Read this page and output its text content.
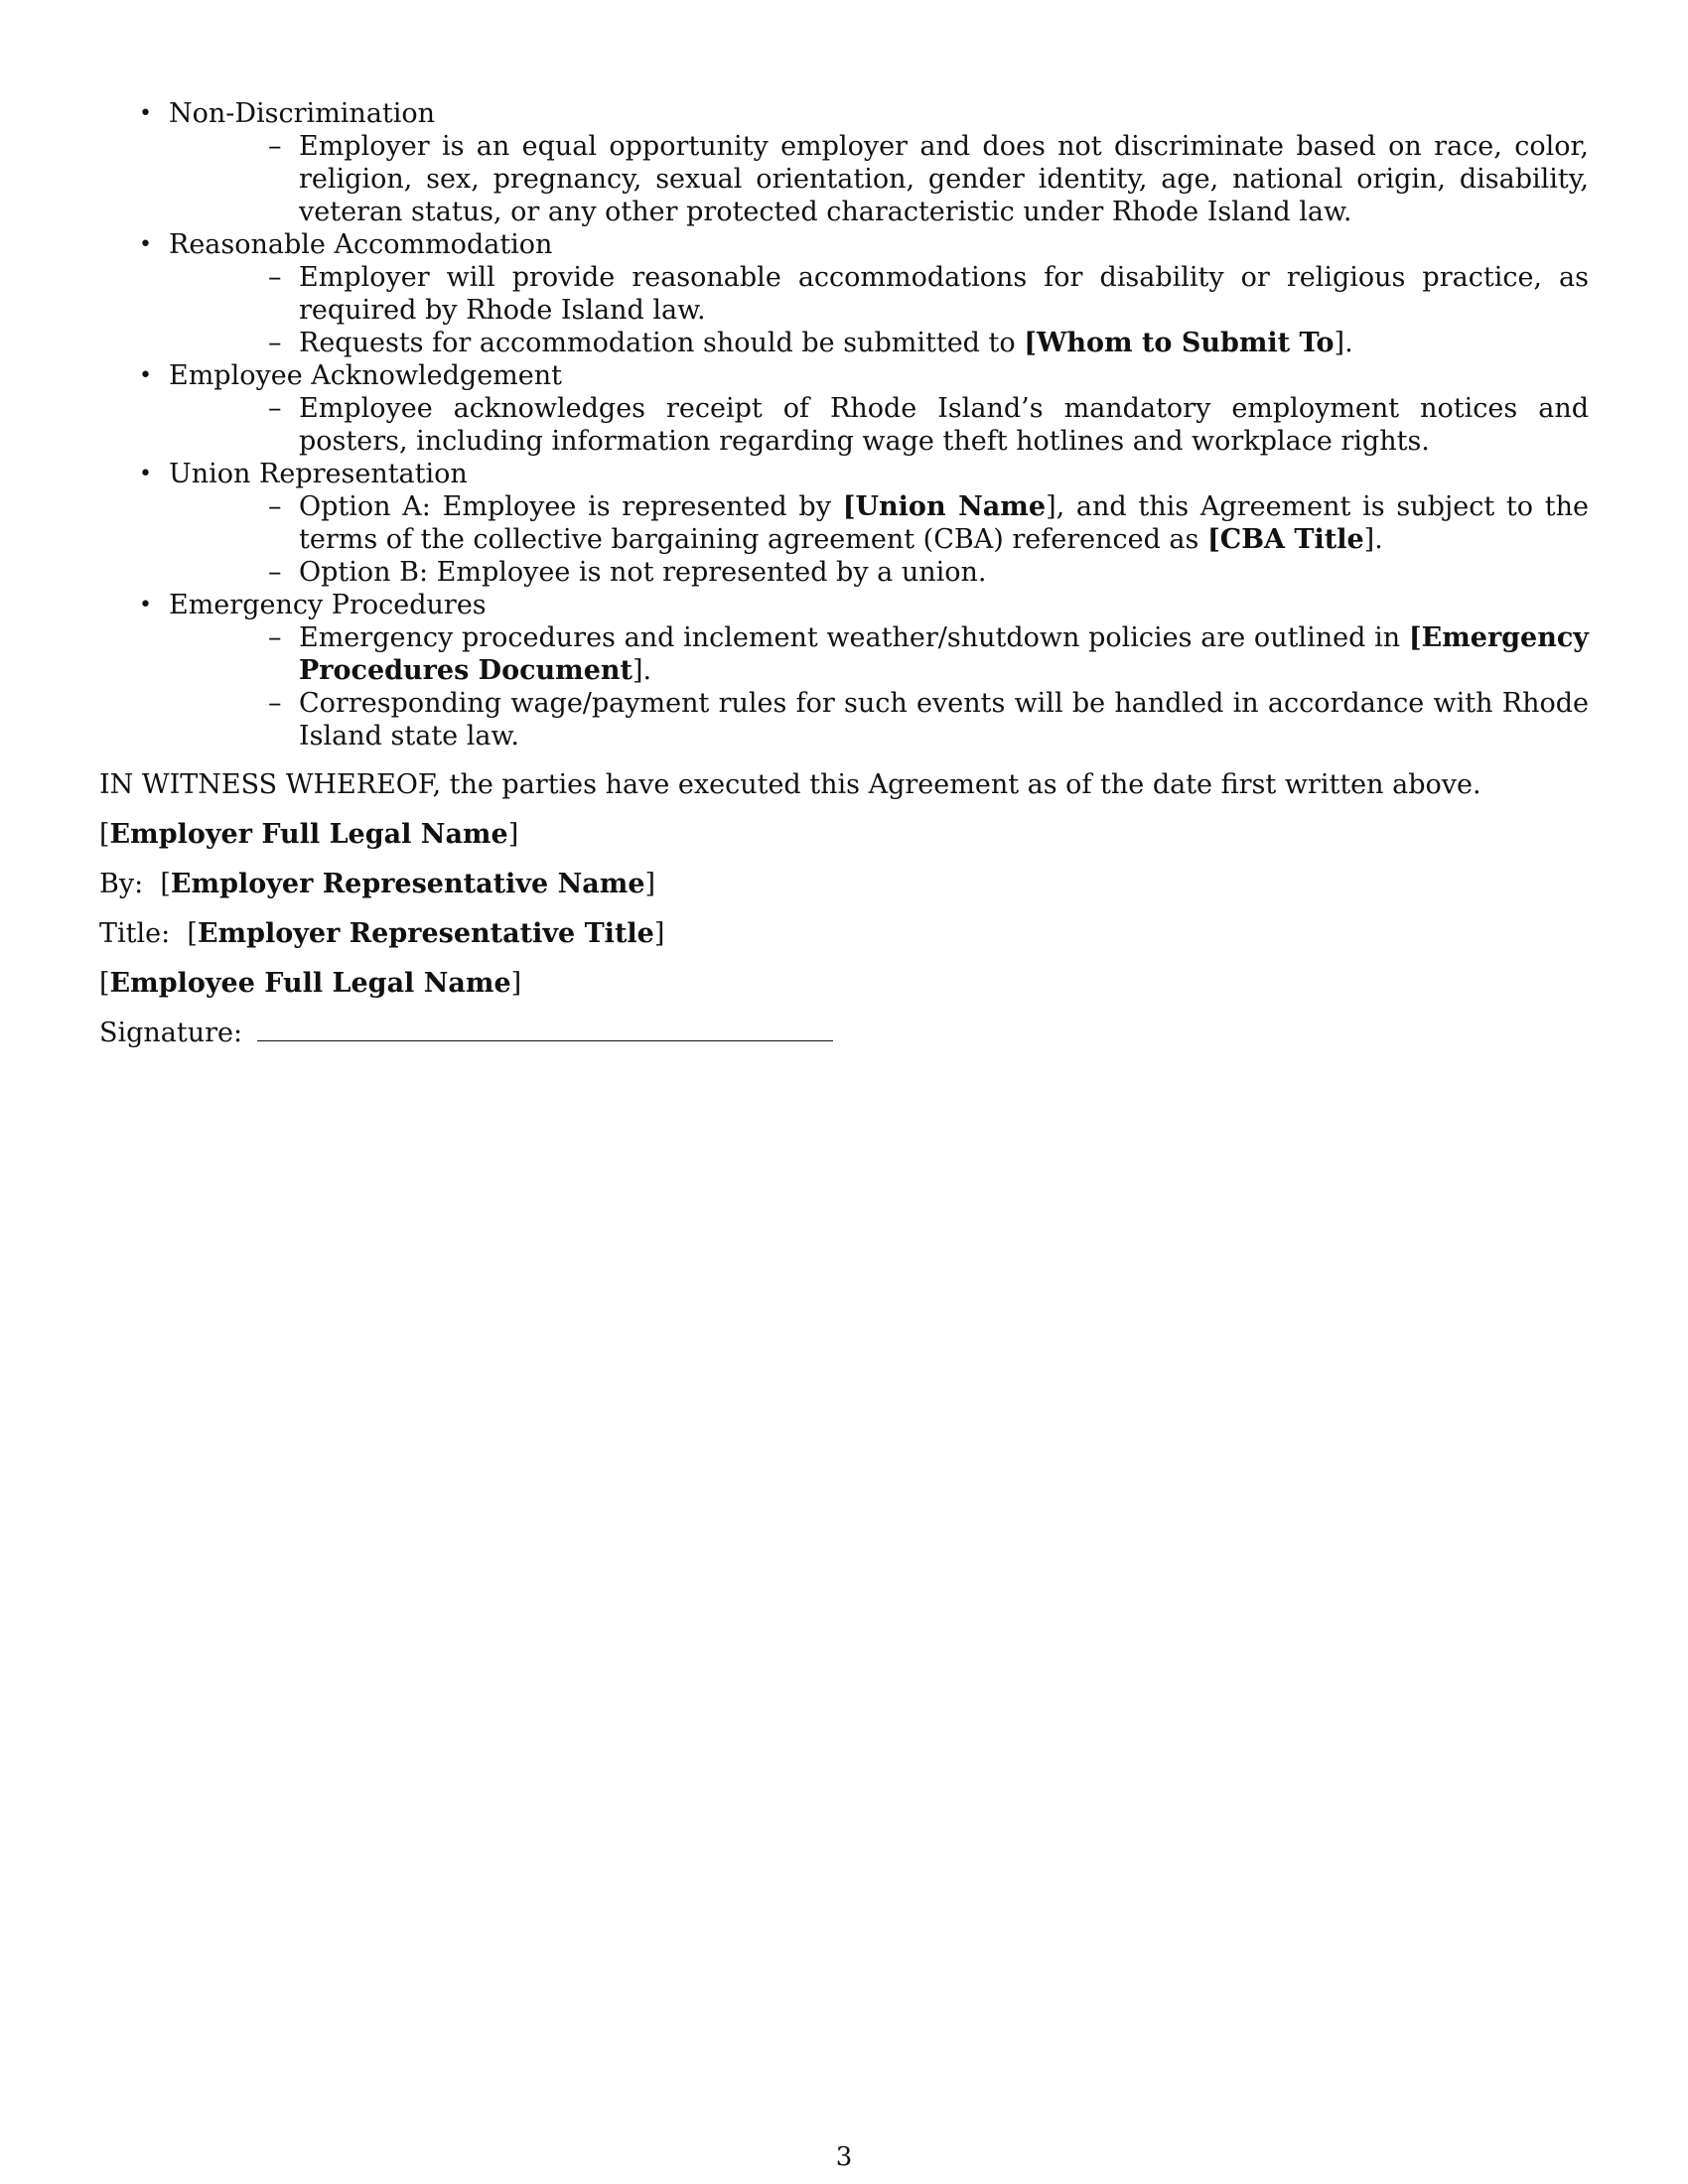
• Non-Discrimination
– Employer is an equal opportunity employer and does not discriminate based on race, color, religion, sex, pregnancy, sexual orientation, gender identity, age, national origin, disability, veteran status, or any other protected characteristic under Rhode Island law.
• Reasonable Accommodation
– Employer will provide reasonable accommodations for disability or religious practice, as required by Rhode Island law.
– Requests for accommodation should be submitted to [Whom to Submit To].
• Employee Acknowledgement
– Employee acknowledges receipt of Rhode Island’s mandatory employment notices and posters, including information regarding wage theft hotlines and workplace rights.
• Union Representation
– Option A: Employee is represented by [Union Name], and this Agreement is subject to the terms of the collective bargaining agreement (CBA) referenced as [CBA Title].
– Option B: Employee is not represented by a union.
• Emergency Procedures
– Emergency procedures and inclement weather/shutdown policies are outlined in [Emergency Procedures Document].
– Corresponding wage/payment rules for such events will be handled in accordance with Rhode Island state law.
IN WITNESS WHEREOF, the parties have executed this Agreement as of the date first written above.
[Employer Full Legal Name]
By:  [Employer Representative Name]
Title:  [Employer Representative Title]
[Employee Full Legal Name]
Signature:
3
